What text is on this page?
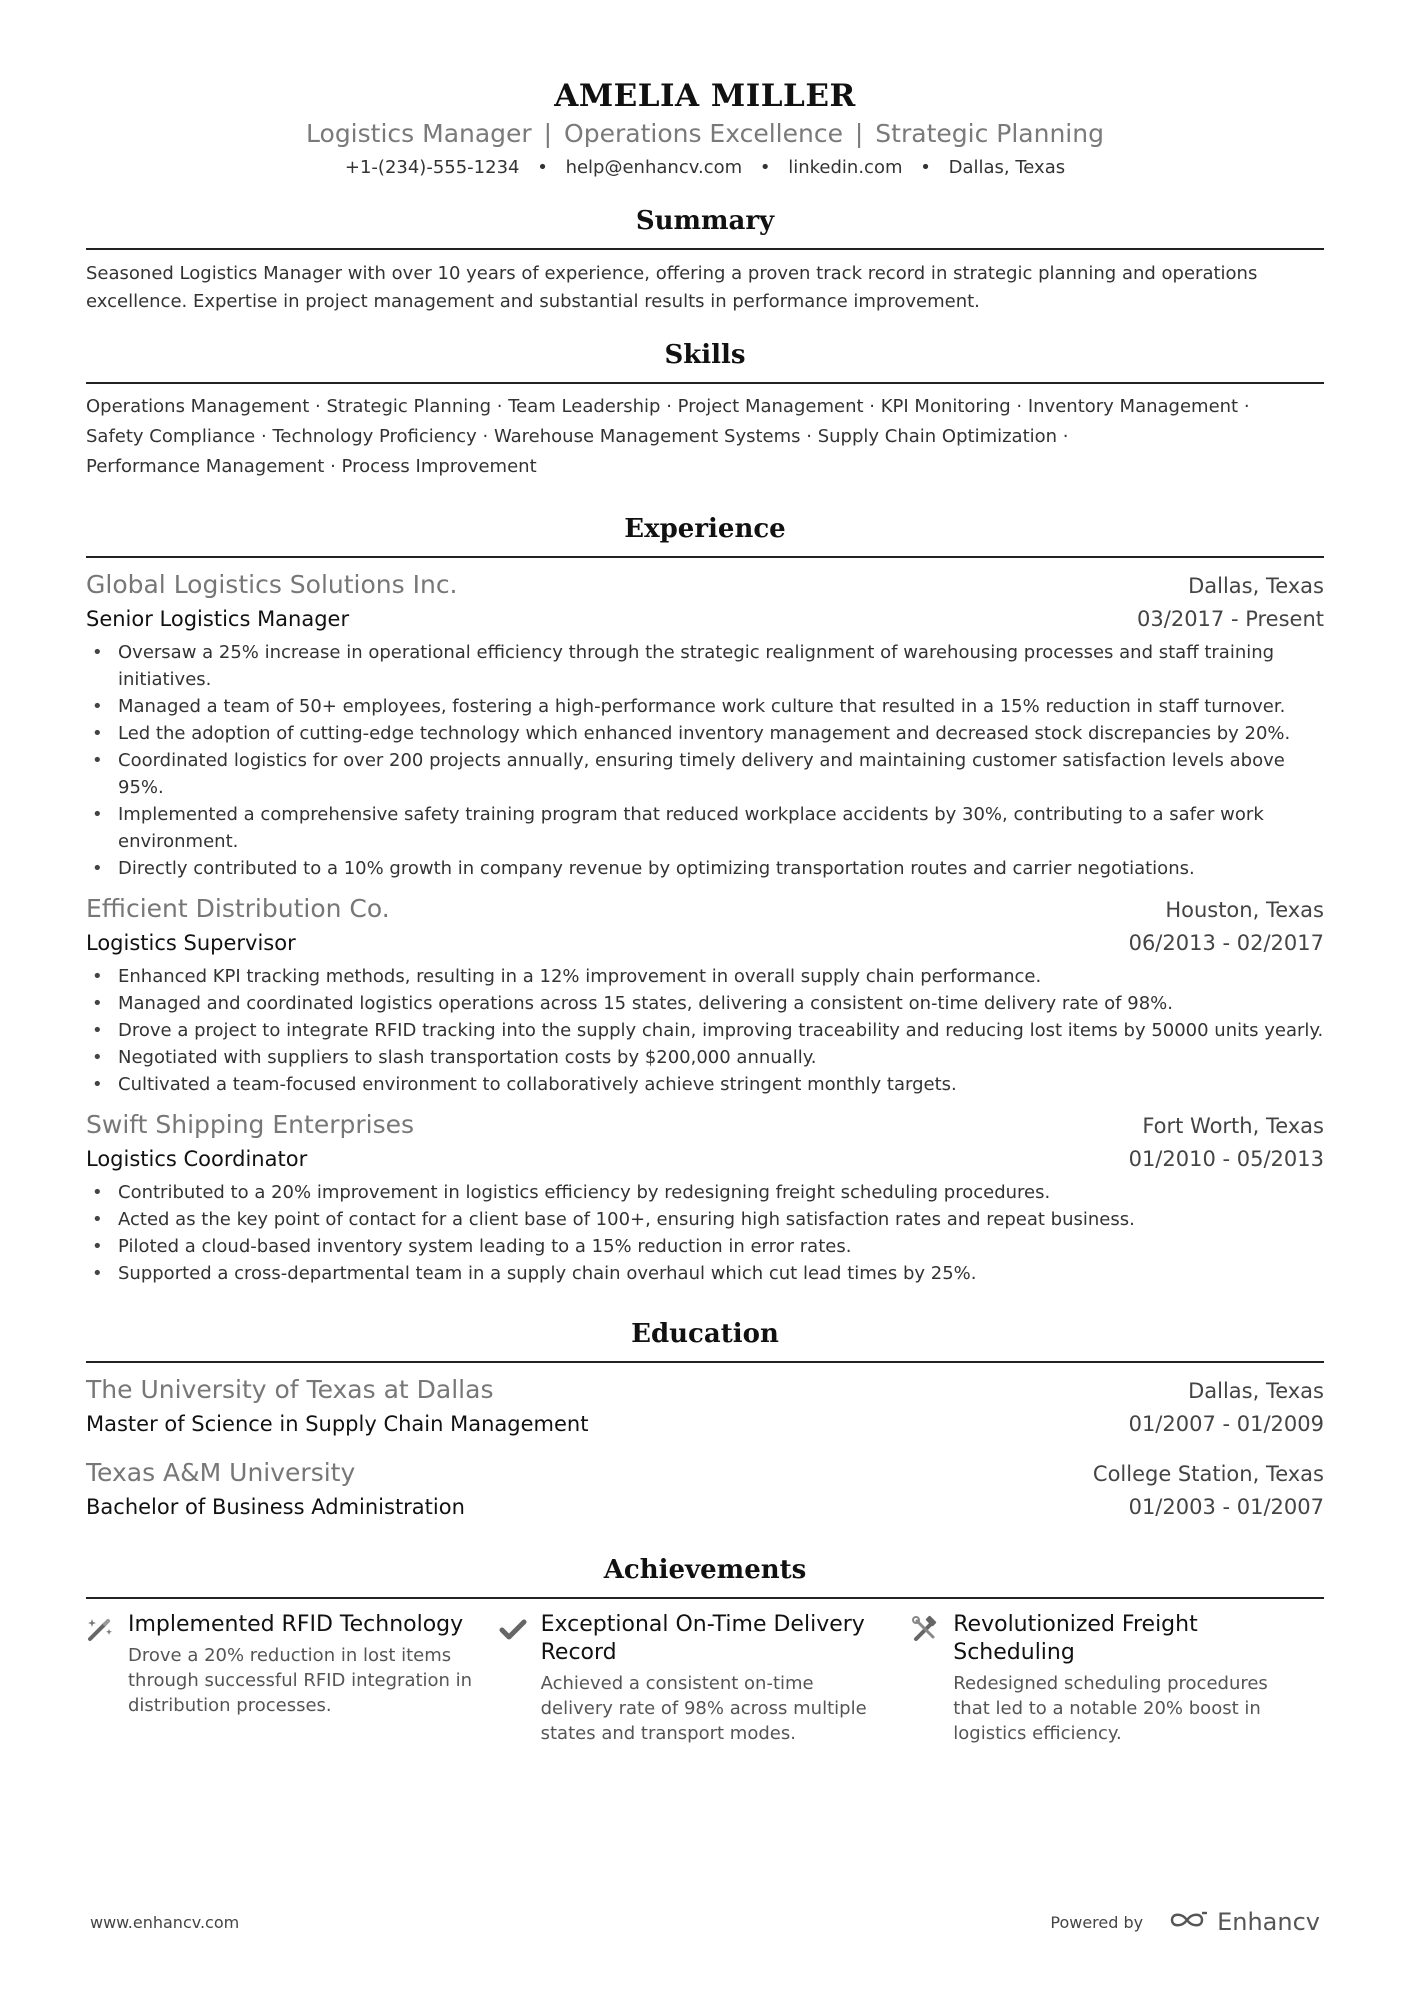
AMELIA MILLER
Logistics Manager | Operations Excellence | Strategic Planning
+1-(234)-555-1234 • help@enhancv.com • linkedin.com • Dallas, Texas
Summary
Seasoned Logistics Manager with over 10 years of experience, offering a proven track record in strategic planning and operations excellence. Expertise in project management and substantial results in performance improvement.
Skills
Operations Management · Strategic Planning · Team Leadership · Project Management · KPI Monitoring · Inventory Management ·
Safety Compliance · Technology Proficiency · Warehouse Management Systems · Supply Chain Optimization ·
Performance Management · Process Improvement
Experience
Global Logistics Solutions Inc.	Dallas, Texas
Senior Logistics Manager	03/2017 - Present
• Oversaw a 25% increase in operational efficiency through the strategic realignment of warehousing processes and staff training initiatives.
• Managed a team of 50+ employees, fostering a high-performance work culture that resulted in a 15% reduction in staff turnover.
• Led the adoption of cutting-edge technology which enhanced inventory management and decreased stock discrepancies by 20%.
• Coordinated logistics for over 200 projects annually, ensuring timely delivery and maintaining customer satisfaction levels above 95%.
• Implemented a comprehensive safety training program that reduced workplace accidents by 30%, contributing to a safer work environment.
• Directly contributed to a 10% growth in company revenue by optimizing transportation routes and carrier negotiations.
Efficient Distribution Co.	Houston, Texas
Logistics Supervisor	06/2013 - 02/2017
• Enhanced KPI tracking methods, resulting in a 12% improvement in overall supply chain performance.
• Managed and coordinated logistics operations across 15 states, delivering a consistent on-time delivery rate of 98%.
• Drove a project to integrate RFID tracking into the supply chain, improving traceability and reducing lost items by 50000 units yearly.
• Negotiated with suppliers to slash transportation costs by $200,000 annually.
• Cultivated a team-focused environment to collaboratively achieve stringent monthly targets.
Swift Shipping Enterprises	Fort Worth, Texas
Logistics Coordinator	01/2010 - 05/2013
• Contributed to a 20% improvement in logistics efficiency by redesigning freight scheduling procedures.
• Acted as the key point of contact for a client base of 100+, ensuring high satisfaction rates and repeat business.
• Piloted a cloud-based inventory system leading to a 15% reduction in error rates.
• Supported a cross-departmental team in a supply chain overhaul which cut lead times by 25%.
Education
The University of Texas at Dallas	Dallas, Texas
Master of Science in Supply Chain Management	01/2007 - 01/2009
Texas A&M University	College Station, Texas
Bachelor of Business Administration	01/2003 - 01/2007
Achievements
Implemented RFID Technology
Drove a 20% reduction in lost items through successful RFID integration in distribution processes.
Exceptional On-Time Delivery Record
Achieved a consistent on-time delivery rate of 98% across multiple states and transport modes.
Revolutionized Freight Scheduling
Redesigned scheduling procedures that led to a notable 20% boost in logistics efficiency.
www.enhancv.com	Powered by	Enhancv
